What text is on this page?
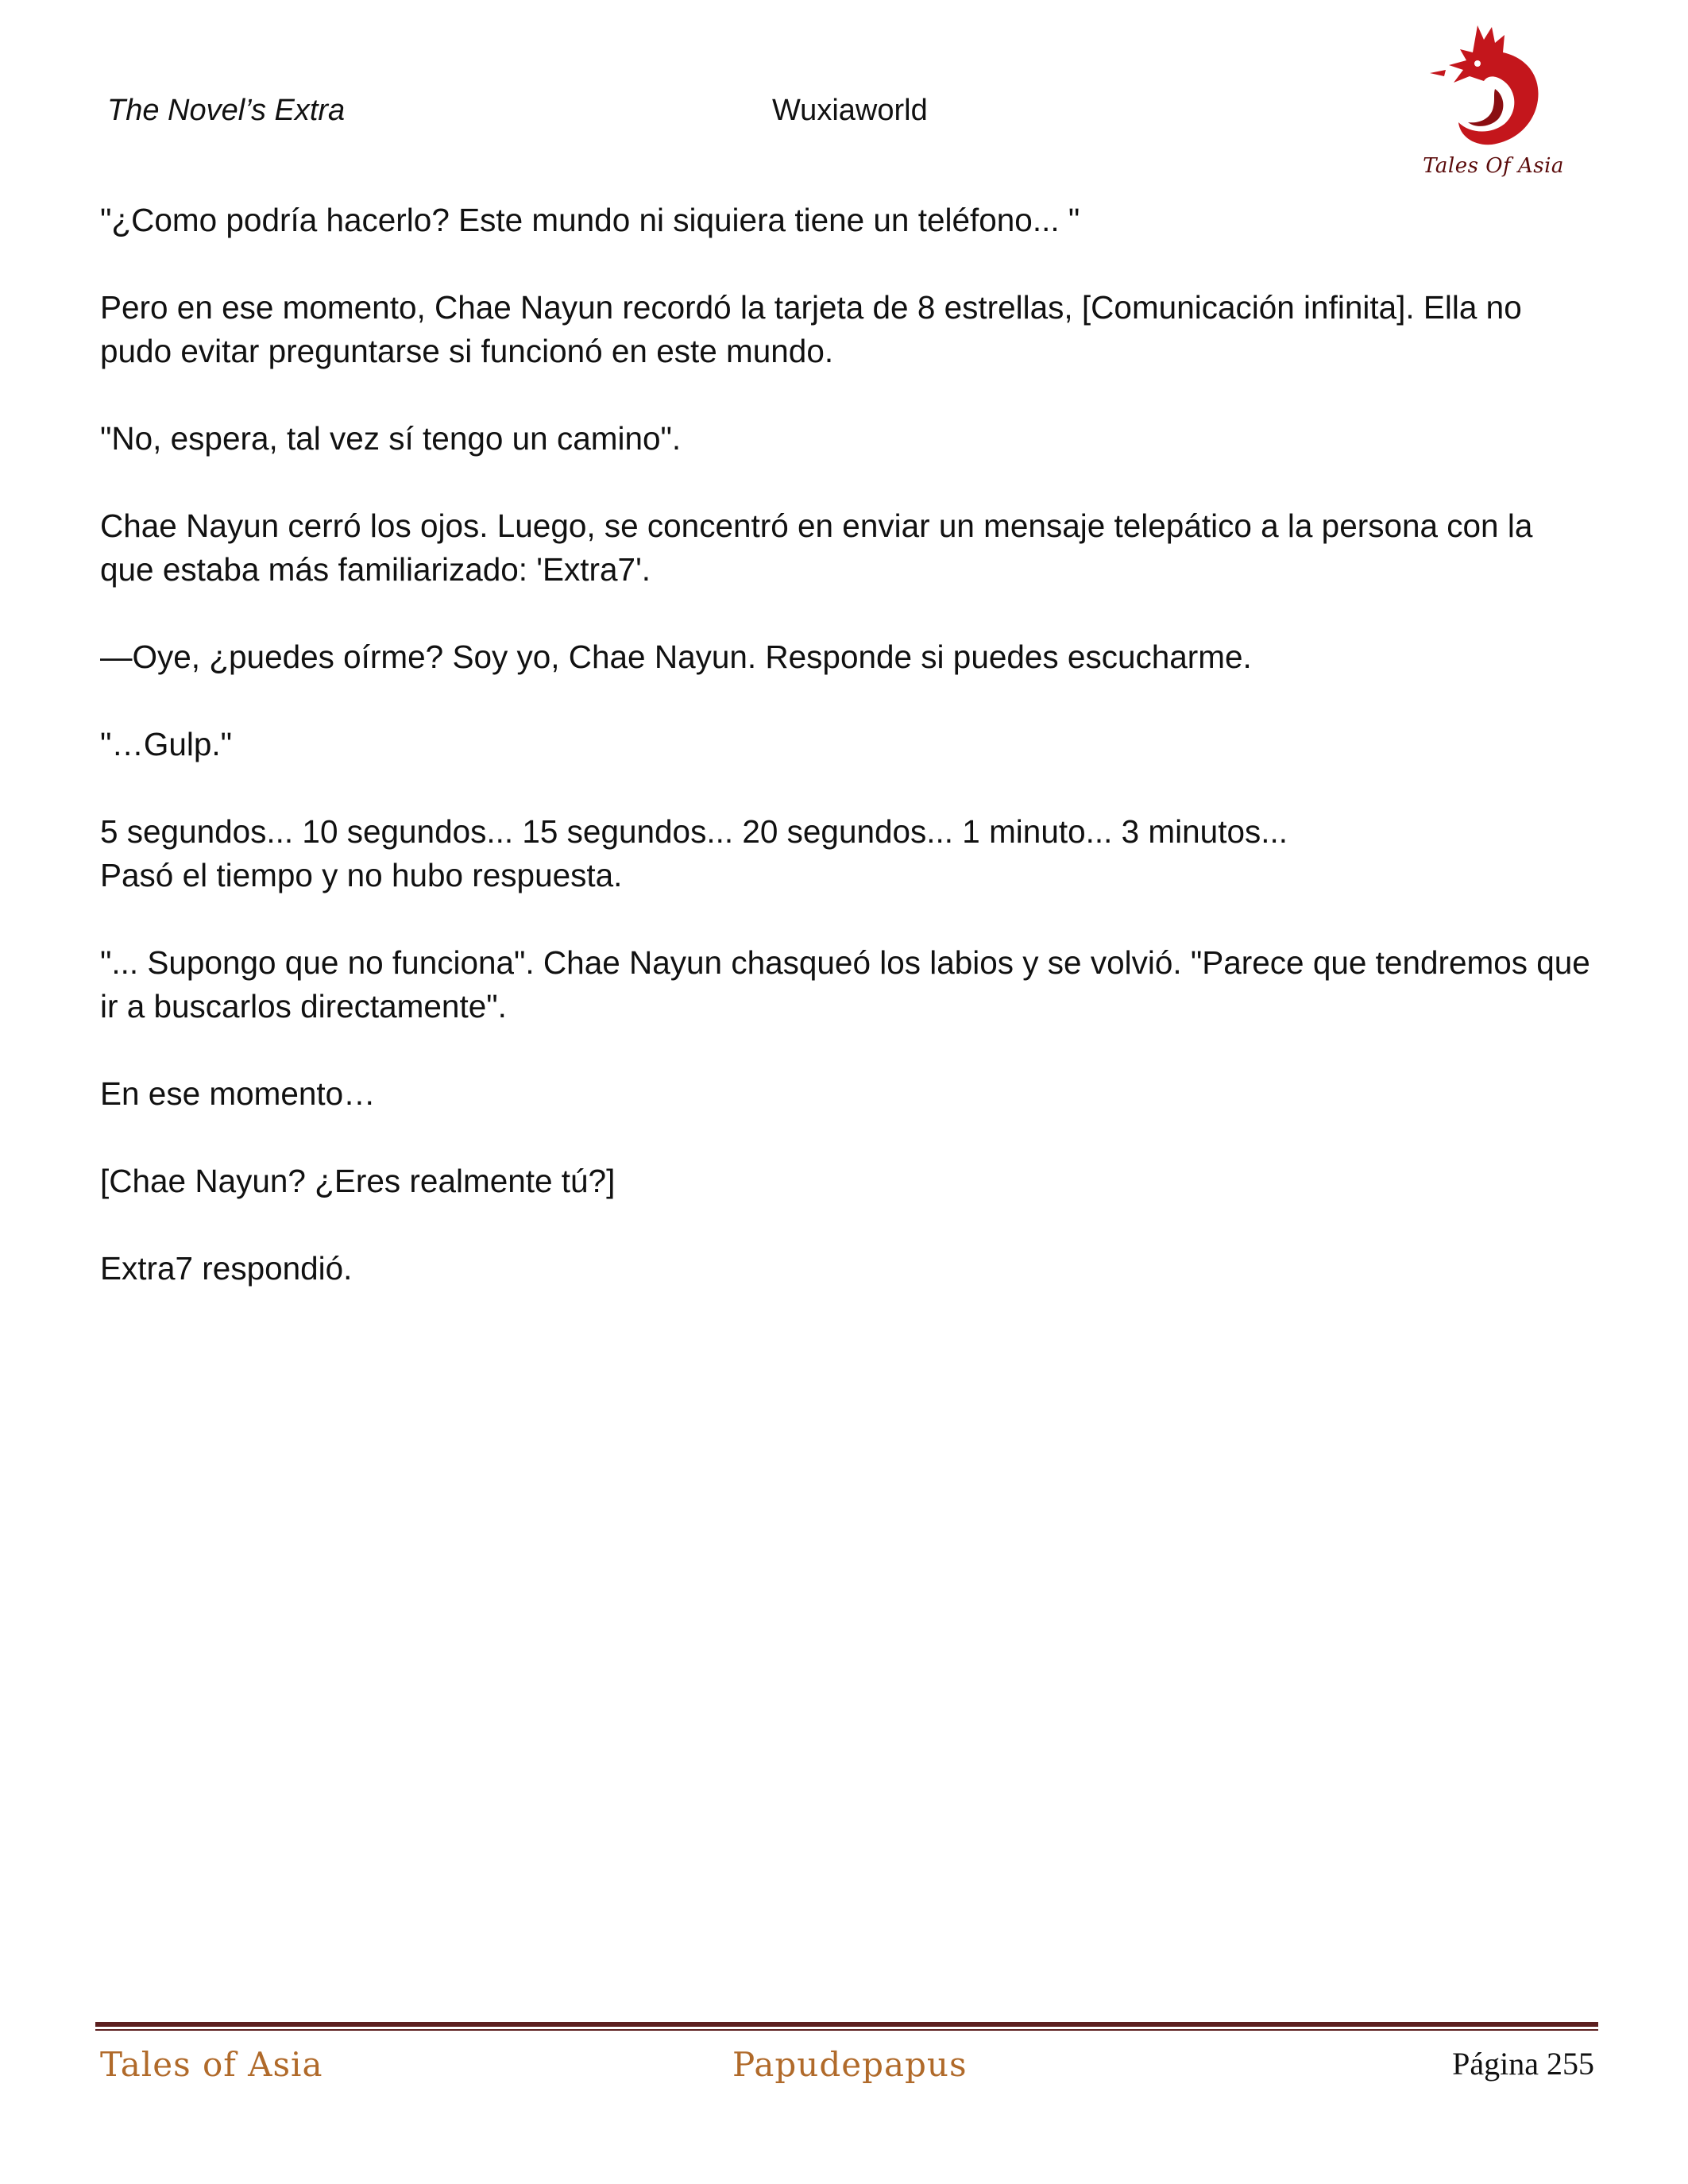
The Novel’s Extra	Wuxiaworld
Tales Of Asia

"¿Como podría hacerlo? Este mundo ni siquiera tiene un teléfono... "

Pero en ese momento, Chae Nayun recordó la tarjeta de 8 estrellas, [Comunicación infinita]. Ella no pudo evitar preguntarse si funcionó en este mundo.

"No, espera, tal vez sí tengo un camino".

Chae Nayun cerró los ojos. Luego, se concentró en enviar un mensaje telepático a la persona con la que estaba más familiarizado: 'Extra7'.

—Oye, ¿puedes oírme? Soy yo, Chae Nayun. Responde si puedes escucharme.

"…Gulp."

5 segundos... 10 segundos... 15 segundos... 20 segundos... 1 minuto... 3 minutos...

Pasó el tiempo y no hubo respuesta.

"... Supongo que no funciona". Chae Nayun chasqueó los labios y se volvió. "Parece que tendremos que ir a buscarlos directamente".

En ese momento…

[Chae Nayun? ¿Eres realmente tú?]

Extra7 respondió.

Tales of Asia	Papudepapus	Página 255
